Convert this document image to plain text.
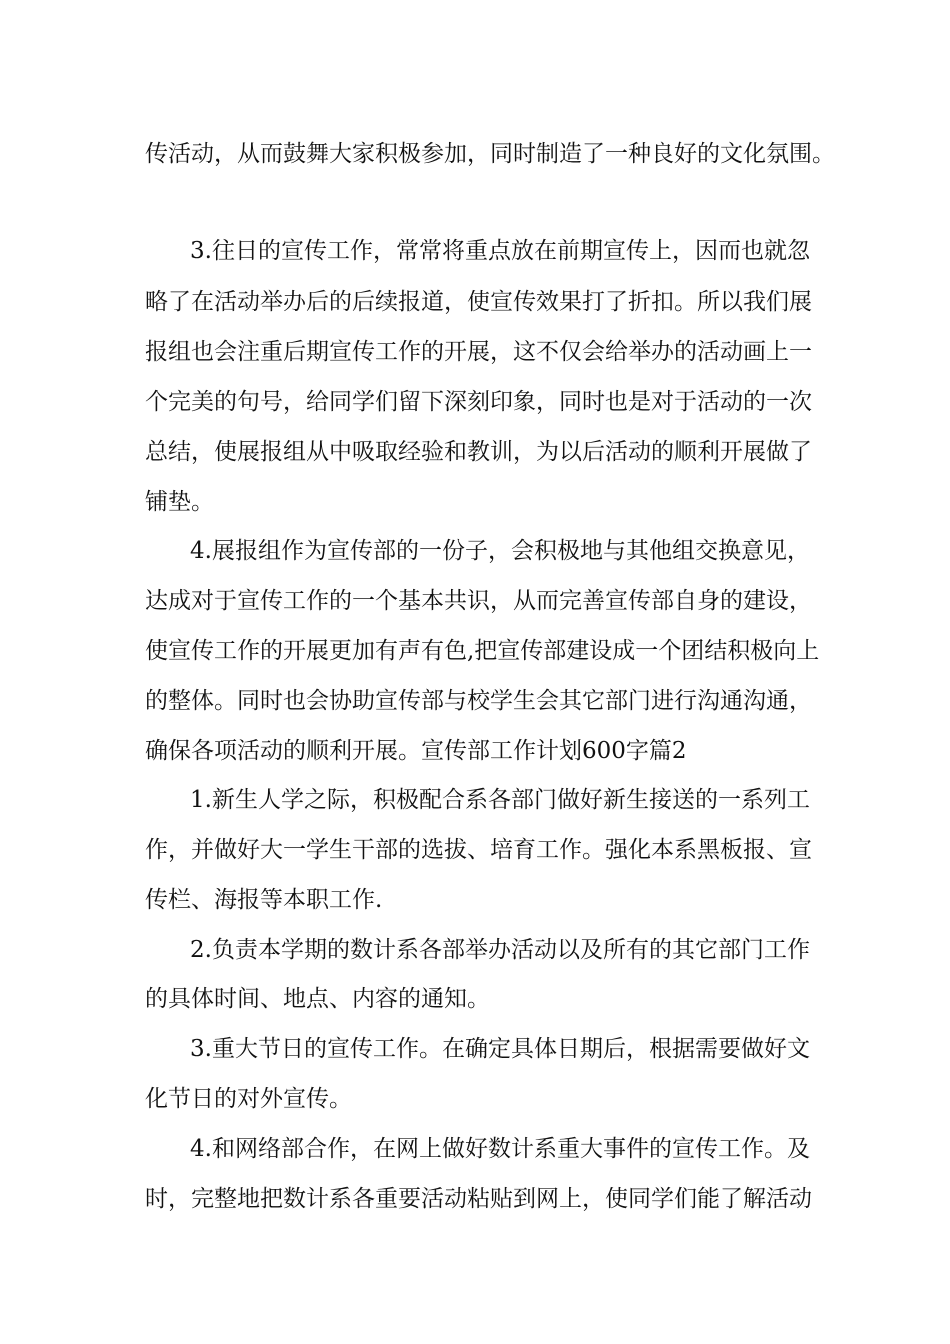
传活动，从而鼓舞大家积极参加，同时制造了一种良好的文化氛围。
3.往日的宣传工作，常常将重点放在前期宣传上，因而也就忽
略了在活动举办后的后续报道，使宣传效果打了折扣。所以我们展
报组也会注重后期宣传工作的开展，这不仅会给举办的活动画上一
个完美的句号，给同学们留下深刻印象，同时也是对于活动的一次
总结，使展报组从中吸取经验和教训，为以后活动的顺利开展做了
铺垫。
4.展报组作为宣传部的一份子，会积极地与其他组交换意见，
达成对于宣传工作的一个基本共识，从而完善宣传部自身的建设，
使宣传工作的开展更加有声有色,把宣传部建设成一个团结积极向上
的整体。同时也会协助宣传部与校学生会其它部门进行沟通沟通，
确保各项活动的顺利开展。宣传部工作计划600字篇2
1.新生人学之际，积极配合系各部门做好新生接送的一系列工
作，并做好大一学生干部的选拔、培育工作。强化本系黑板报、宣
传栏、海报等本职工作.
2.负责本学期的数计系各部举办活动以及所有的其它部门工作
的具体时间、地点、内容的通知。
3.重大节日的宣传工作。在确定具体日期后，根据需要做好文
化节日的对外宣传。
4.和网络部合作，在网上做好数计系重大事件的宣传工作。及
时，完整地把数计系各重要活动粘贴到网上，使同学们能了解活动
